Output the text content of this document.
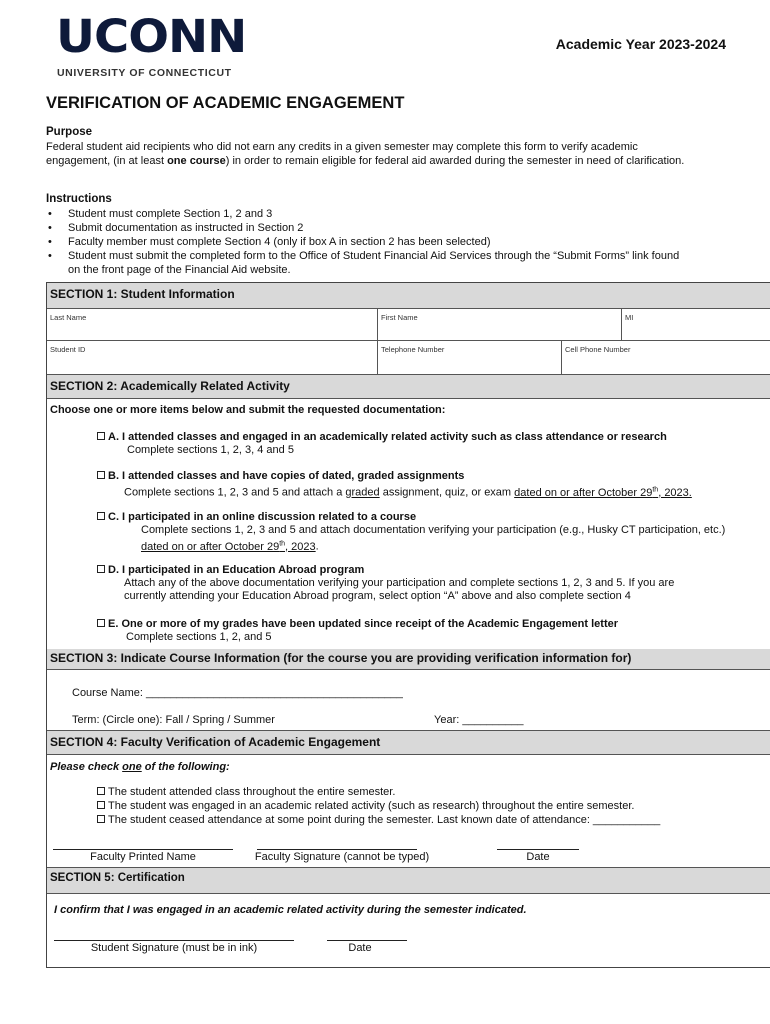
UCONN
UNIVERSITY OF CONNECTICUT
Academic Year 2023-2024
VERIFICATION OF ACADEMIC ENGAGEMENT
Purpose
Federal student aid recipients who did not earn any credits in a given semester may complete this form to verify academic engagement, (in at least one course) in order to remain eligible for federal aid awarded during the semester in need of clarification.
Instructions
• Student must complete Section 1, 2 and 3
• Submit documentation as instructed in Section 2
• Faculty member must complete Section 4 (only if box A in section 2 has been selected)
• Student must submit the completed form to the Office of Student Financial Aid Services through the “Submit Forms” link found on the front page of the Financial Aid website.
SECTION 1: Student Information
Last Name	First Name	MI
Student ID	Telephone Number	Cell Phone Number
SECTION 2: Academically Related Activity
Choose one or more items below and submit the requested documentation:
A. I attended classes and engaged in an academically related activity such as class attendance or research
Complete sections 1, 2, 3, 4 and 5
B. I attended classes and have copies of dated, graded assignments
Complete sections 1, 2, 3 and 5 and attach a graded assignment, quiz, or exam dated on or after October 29th, 2023.
C. I participated in an online discussion related to a course
Complete sections 1, 2, 3 and 5 and attach documentation verifying your participation (e.g., Husky CT participation, etc.)
dated on or after October 29th, 2023.
D. I participated in an Education Abroad program
Attach any of the above documentation verifying your participation and complete sections 1, 2, 3 and 5. If you are
currently attending your Education Abroad program, select option “A” above and also complete section 4
E. One or more of my grades have been updated since receipt of the Academic Engagement letter
Complete sections 1, 2, and 5
SECTION 3: Indicate Course Information (for the course you are providing verification information for)
Course Name: __________________________________________
Term: (Circle one): Fall / Spring / Summer	Year: __________
SECTION 4: Faculty Verification of Academic Engagement
Please check one of the following:
The student attended class throughout the entire semester.
The student was engaged in an academic related activity (such as research) throughout the entire semester.
The student ceased attendance at some point during the semester. Last known date of attendance: ___________
Faculty Printed Name	Faculty Signature (cannot be typed)	Date
SECTION 5: Certification
I confirm that I was engaged in an academic related activity during the semester indicated.
Student Signature (must be in ink)	Date
